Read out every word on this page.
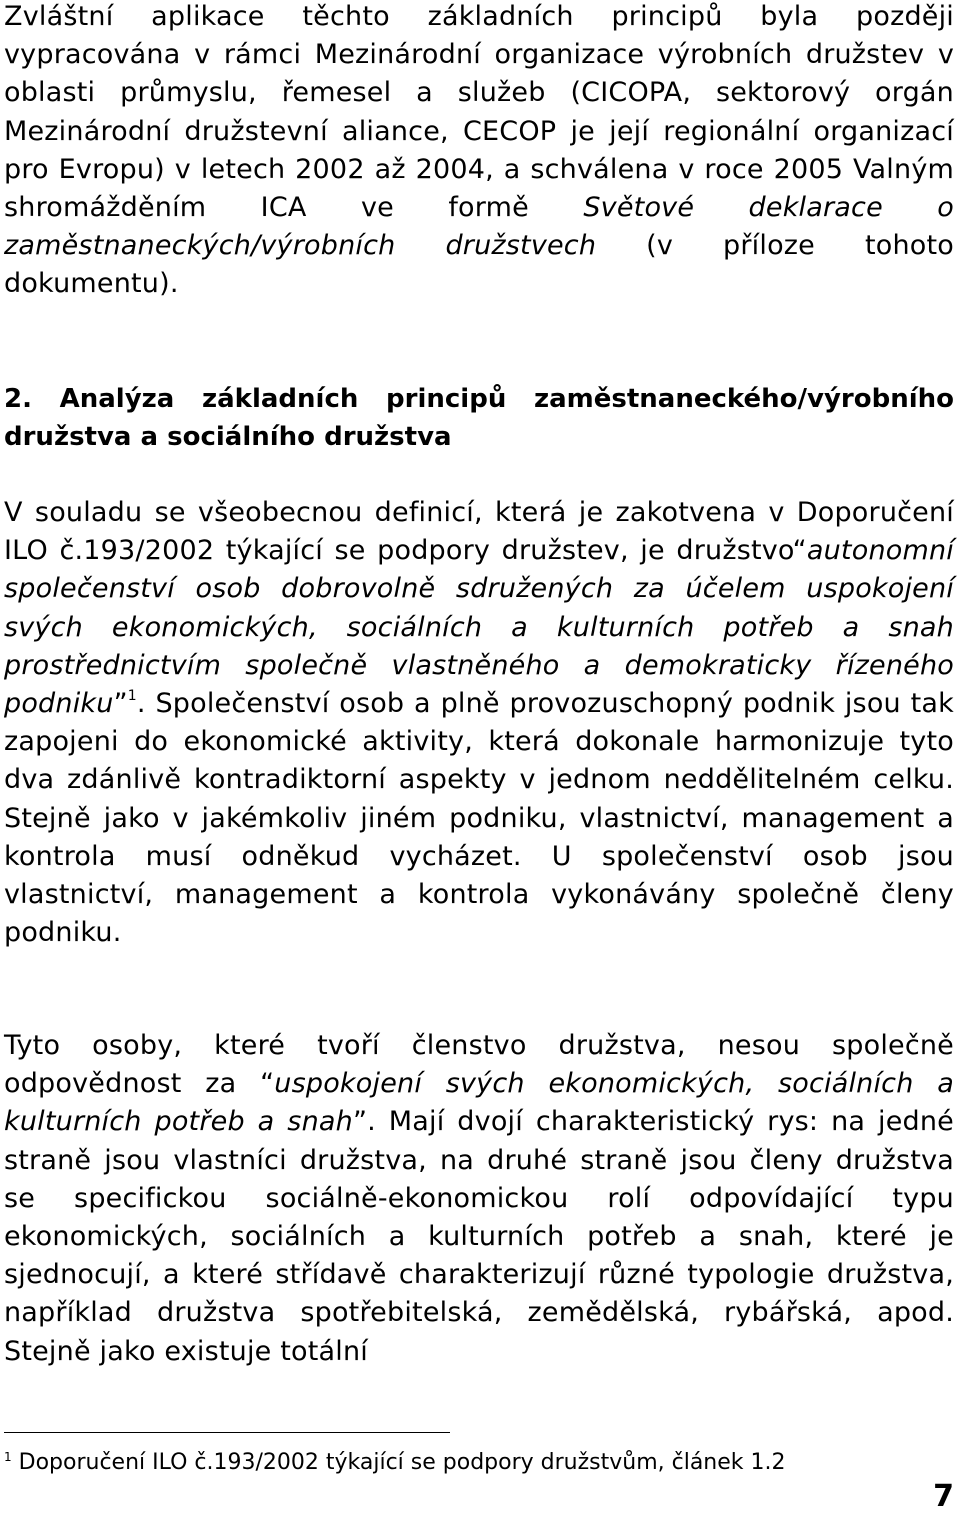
Zvláštní aplikace těchto základních principů byla později vypracována v rámci Mezinárodní organizace výrobních družstev v oblasti průmyslu, řemesel a služeb (CICOPA, sektorový orgán Mezinárodní družstevní aliance, CECOP je její regionální organizací pro Evropu) v letech 2002 až 2004, a schválena v roce 2005 Valným shromážděním ICA ve formě Světové deklarace o zaměstnaneckých/výrobních družstvech (v příloze tohoto dokumentu).

2. Analýza základních principů zaměstnaneckého/výrobního družstva a sociálního družstva

V souladu se všeobecnou definicí, která je zakotvena v Doporučení ILO č.193/2002 týkající se podpory družstev, je družstvo“autonomní společenství osob dobrovolně sdružených za účelem uspokojení svých ekonomických, sociálních a kulturních potřeb a snah prostřednictvím společně vlastněného a demokraticky řízeného podniku”$^1$. Společenství osob a plně provozuschopný podnik jsou tak zapojeni do ekonomické aktivity, která dokonale harmonizuje tyto dva zdánlivě kontradiktorní aspekty v jednom neddělitelném celku. Stejně jako v jakémkoliv jiném podniku, vlastnictví, management a kontrola musí odněkud vycházet. U společenství osob jsou vlastnictví, management a kontrola vykonávány společně členy podniku.

Tyto osoby, které tvoří členstvo družstva, nesou společně odpovědnost za “uspokojení svých ekonomických, sociálních a kulturních potřeb a snah”. Mají dvojí charakteristický rys: na jedné straně jsou vlastníci družstva, na druhé straně jsou členy družstva se specifickou sociálně-ekonomickou rolí odpovídající typu ekonomických, sociálních a kulturních potřeb a snah, které je sjednocují, a které střídavě charakterizují různé typologie družstva, například družstva spotřebitelská, zemědělská, rybářská, apod. Stejně jako existuje totální

$^1$ Doporučení ILO č.193/2002 týkající se podpory družstvům, článek 1.2

7
